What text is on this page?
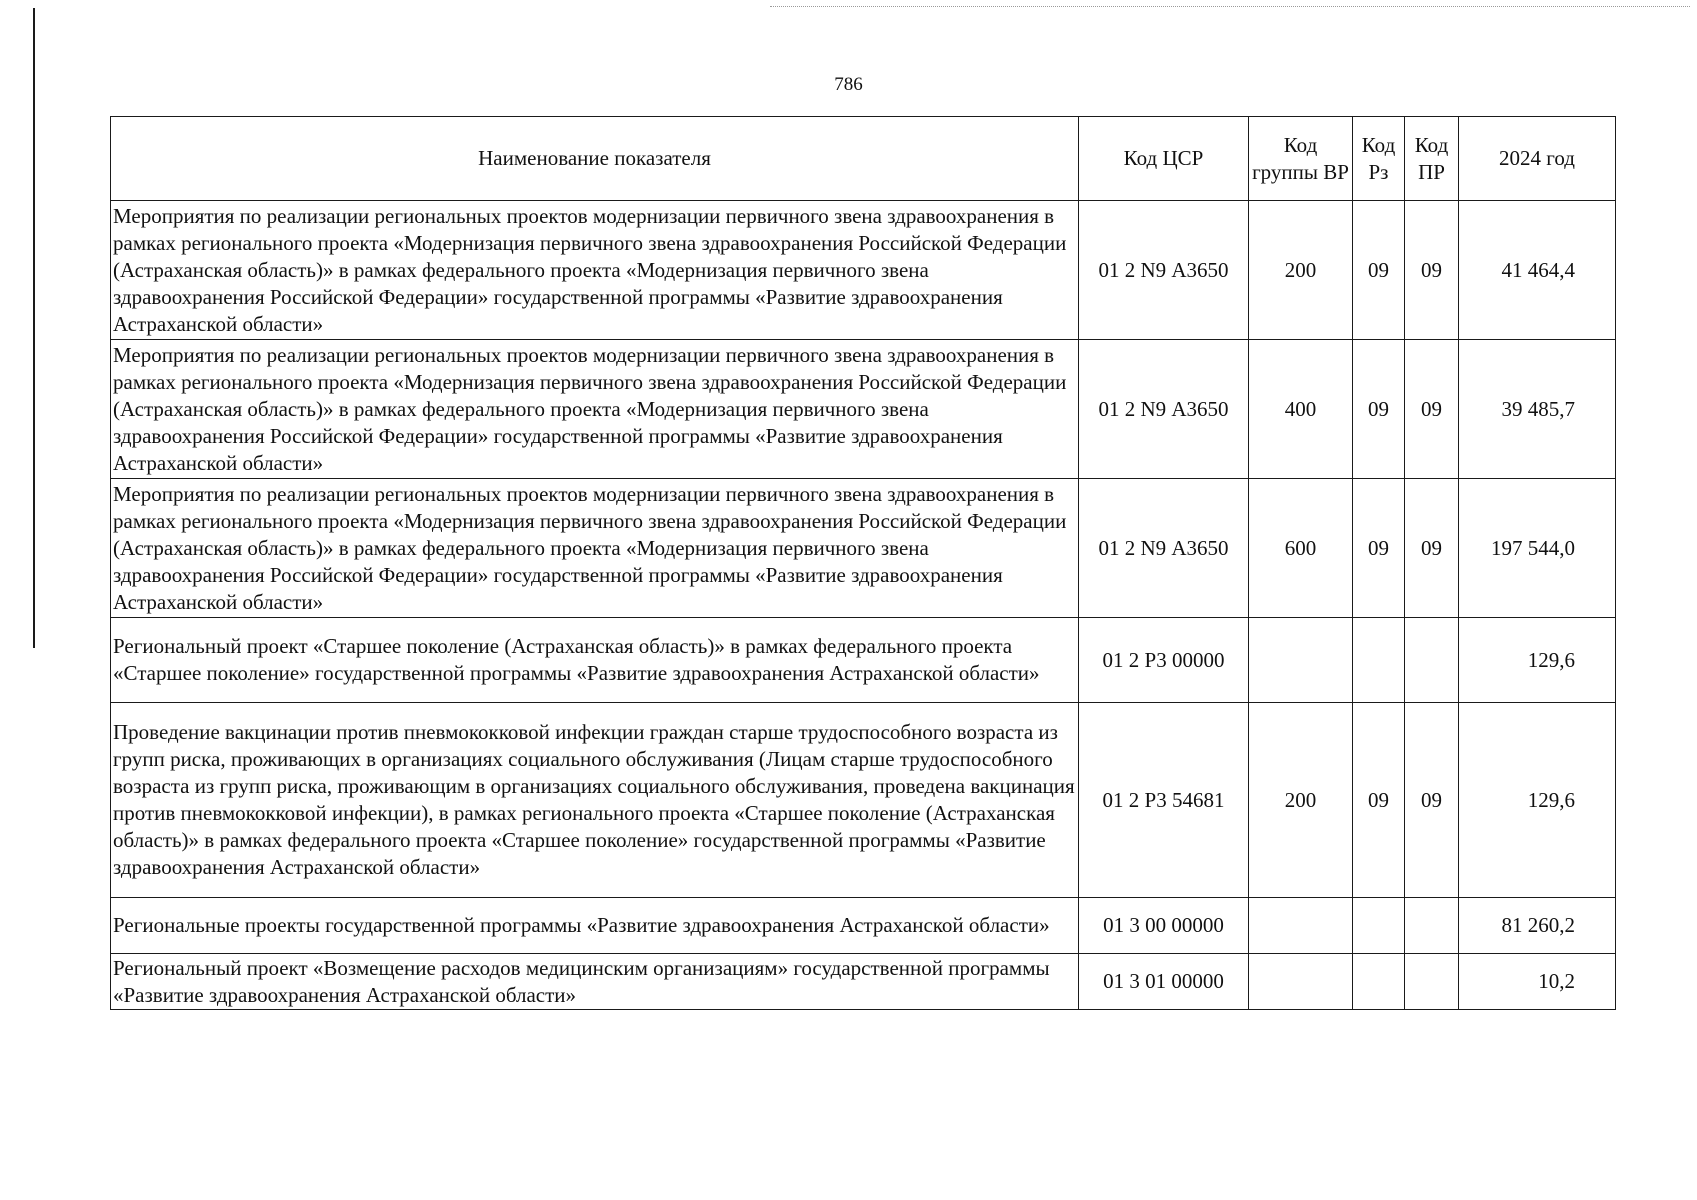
786
Наименование показателя	Код ЦСР	Код группы ВР	Код Рз	Код ПР	2024 год
Мероприятия по реализации региональных проектов модернизации первичного звена здравоохранения в рамках регионального проекта «Модернизация первичного звена здравоохранения Российской Федерации (Астраханская область)» в рамках федерального проекта «Модернизация первичного звена здравоохранения Российской Федерации» государственной программы «Развитие здравоохранения Астраханской области»	01 2 N9 А3650	200	09	09	41 464,4
Мероприятия по реализации региональных проектов модернизации первичного звена здравоохранения в рамках регионального проекта «Модернизация первичного звена здравоохранения Российской Федерации (Астраханская область)» в рамках федерального проекта «Модернизация первичного звена здравоохранения Российской Федерации» государственной программы «Развитие здравоохранения Астраханской области»	01 2 N9 А3650	400	09	09	39 485,7
Мероприятия по реализации региональных проектов модернизации первичного звена здравоохранения в рамках регионального проекта «Модернизация первичного звена здравоохранения Российской Федерации (Астраханская область)» в рамках федерального проекта «Модернизация первичного звена здравоохранения Российской Федерации» государственной программы «Развитие здравоохранения Астраханской области»	01 2 N9 А3650	600	09	09	197 544,0
Региональный проект «Старшее поколение (Астраханская область)» в рамках федерального проекта «Старшее поколение» государственной программы «Развитие здравоохранения Астраханской области»	01 2 Р3 00000				129,6
Проведение вакцинации против пневмококковой инфекции граждан старше трудоспособного возраста из групп риска, проживающих в организациях социального обслуживания (Лицам старше трудоспособного возраста из групп риска, проживающим в организациях социального обслуживания, проведена вакцинация против пневмококковой инфекции), в рамках регионального проекта «Старшее поколение (Астраханская область)» в рамках федерального проекта «Старшее поколение» государственной программы «Развитие здравоохранения Астраханской области»	01 2 Р3 54681	200	09	09	129,6
Региональные проекты государственной программы «Развитие здравоохранения Астраханской области»	01 3 00 00000				81 260,2
Региональный проект «Возмещение расходов медицинским организациям» государственной программы «Развитие здравоохранения Астраханской области»	01 3 01 00000				10,2
